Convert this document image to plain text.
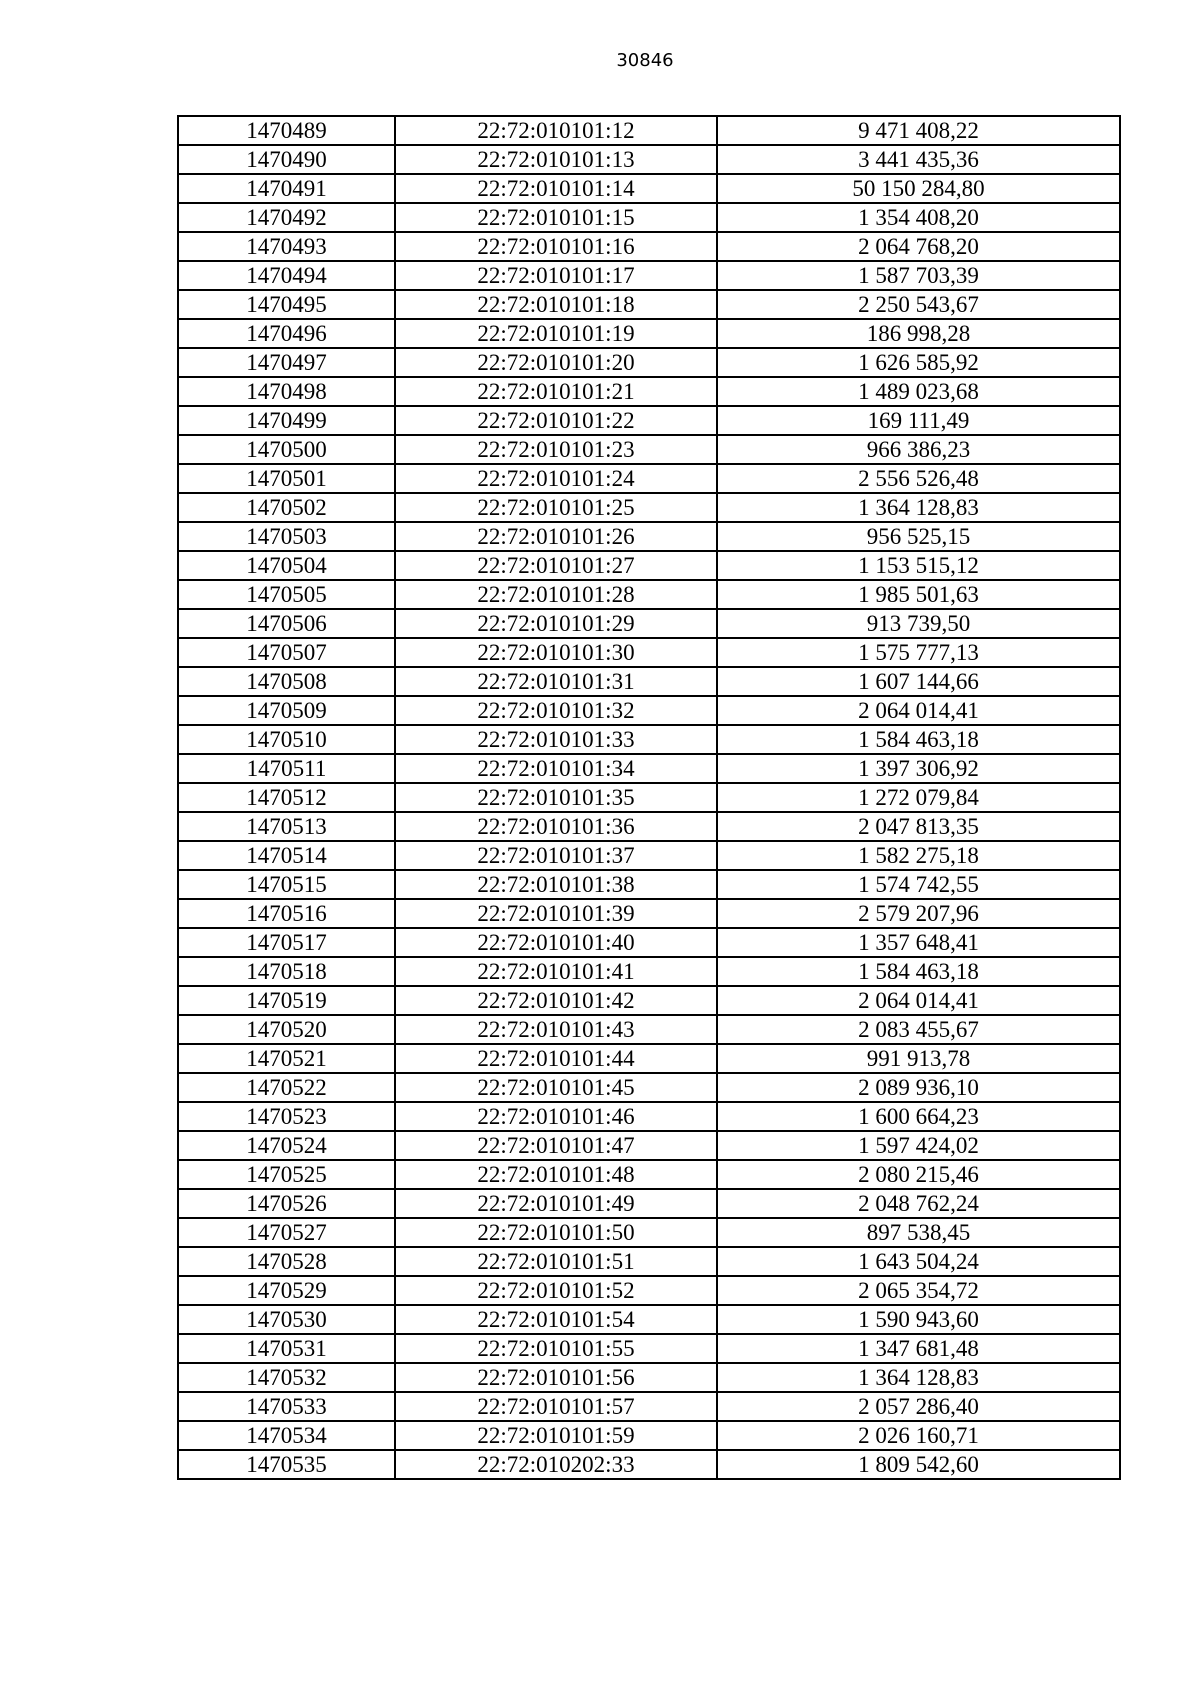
30846
1470489	22:72:010101:12	9 471 408,22
1470490	22:72:010101:13	3 441 435,36
1470491	22:72:010101:14	50 150 284,80
1470492	22:72:010101:15	1 354 408,20
1470493	22:72:010101:16	2 064 768,20
1470494	22:72:010101:17	1 587 703,39
1470495	22:72:010101:18	2 250 543,67
1470496	22:72:010101:19	186 998,28
1470497	22:72:010101:20	1 626 585,92
1470498	22:72:010101:21	1 489 023,68
1470499	22:72:010101:22	169 111,49
1470500	22:72:010101:23	966 386,23
1470501	22:72:010101:24	2 556 526,48
1470502	22:72:010101:25	1 364 128,83
1470503	22:72:010101:26	956 525,15
1470504	22:72:010101:27	1 153 515,12
1470505	22:72:010101:28	1 985 501,63
1470506	22:72:010101:29	913 739,50
1470507	22:72:010101:30	1 575 777,13
1470508	22:72:010101:31	1 607 144,66
1470509	22:72:010101:32	2 064 014,41
1470510	22:72:010101:33	1 584 463,18
1470511	22:72:010101:34	1 397 306,92
1470512	22:72:010101:35	1 272 079,84
1470513	22:72:010101:36	2 047 813,35
1470514	22:72:010101:37	1 582 275,18
1470515	22:72:010101:38	1 574 742,55
1470516	22:72:010101:39	2 579 207,96
1470517	22:72:010101:40	1 357 648,41
1470518	22:72:010101:41	1 584 463,18
1470519	22:72:010101:42	2 064 014,41
1470520	22:72:010101:43	2 083 455,67
1470521	22:72:010101:44	991 913,78
1470522	22:72:010101:45	2 089 936,10
1470523	22:72:010101:46	1 600 664,23
1470524	22:72:010101:47	1 597 424,02
1470525	22:72:010101:48	2 080 215,46
1470526	22:72:010101:49	2 048 762,24
1470527	22:72:010101:50	897 538,45
1470528	22:72:010101:51	1 643 504,24
1470529	22:72:010101:52	2 065 354,72
1470530	22:72:010101:54	1 590 943,60
1470531	22:72:010101:55	1 347 681,48
1470532	22:72:010101:56	1 364 128,83
1470533	22:72:010101:57	2 057 286,40
1470534	22:72:010101:59	2 026 160,71
1470535	22:72:010202:33	1 809 542,60
